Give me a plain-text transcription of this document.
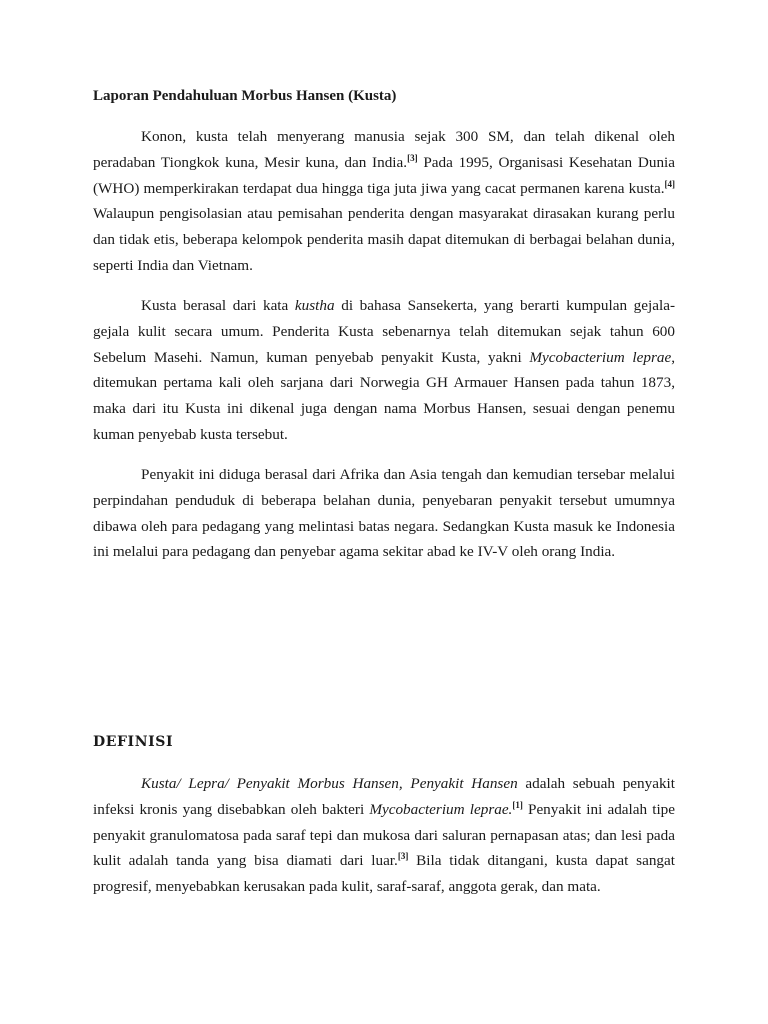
Laporan Pendahuluan Morbus Hansen (Kusta)

Konon, kusta telah menyerang manusia sejak 300 SM, dan telah dikenal oleh peradaban Tiongkok kuna, Mesir kuna, dan India.[3] Pada 1995, Organisasi Kesehatan Dunia (WHO) memperkirakan terdapat dua hingga tiga juta jiwa yang cacat permanen karena kusta.[4] Walaupun pengisolasian atau pemisahan penderita dengan masyarakat dirasakan kurang perlu dan tidak etis, beberapa kelompok penderita masih dapat ditemukan di berbagai belahan dunia, seperti India dan Vietnam.

Kusta berasal dari kata kustha di bahasa Sansekerta, yang berarti kumpulan gejala-gejala kulit secara umum. Penderita Kusta sebenarnya telah ditemukan sejak tahun 600 Sebelum Masehi. Namun, kuman penyebab penyakit Kusta, yakni Mycobacterium leprae, ditemukan pertama kali oleh sarjana dari Norwegia GH Armauer Hansen pada tahun 1873, maka dari itu Kusta ini dikenal juga dengan nama Morbus Hansen, sesuai dengan penemu kuman penyebab kusta tersebut.

Penyakit ini diduga berasal dari Afrika dan Asia tengah dan kemudian tersebar melalui perpindahan penduduk di beberapa belahan dunia, penyebaran penyakit tersebut umumnya dibawa oleh para pedagang yang melintasi batas negara. Sedangkan Kusta masuk ke Indonesia ini melalui para pedagang dan penyebar agama sekitar abad ke IV-V oleh orang India.

DEFINISI

Kusta/ Lepra/ Penyakit Morbus Hansen, Penyakit Hansen adalah sebuah penyakit infeksi kronis yang disebabkan oleh bakteri Mycobacterium leprae.[1] Penyakit ini adalah tipe penyakit granulomatosa pada saraf tepi dan mukosa dari saluran pernapasan atas; dan lesi pada kulit adalah tanda yang bisa diamati dari luar.[3] Bila tidak ditangani, kusta dapat sangat progresif, menyebabkan kerusakan pada kulit, saraf-saraf, anggota gerak, dan mata.
